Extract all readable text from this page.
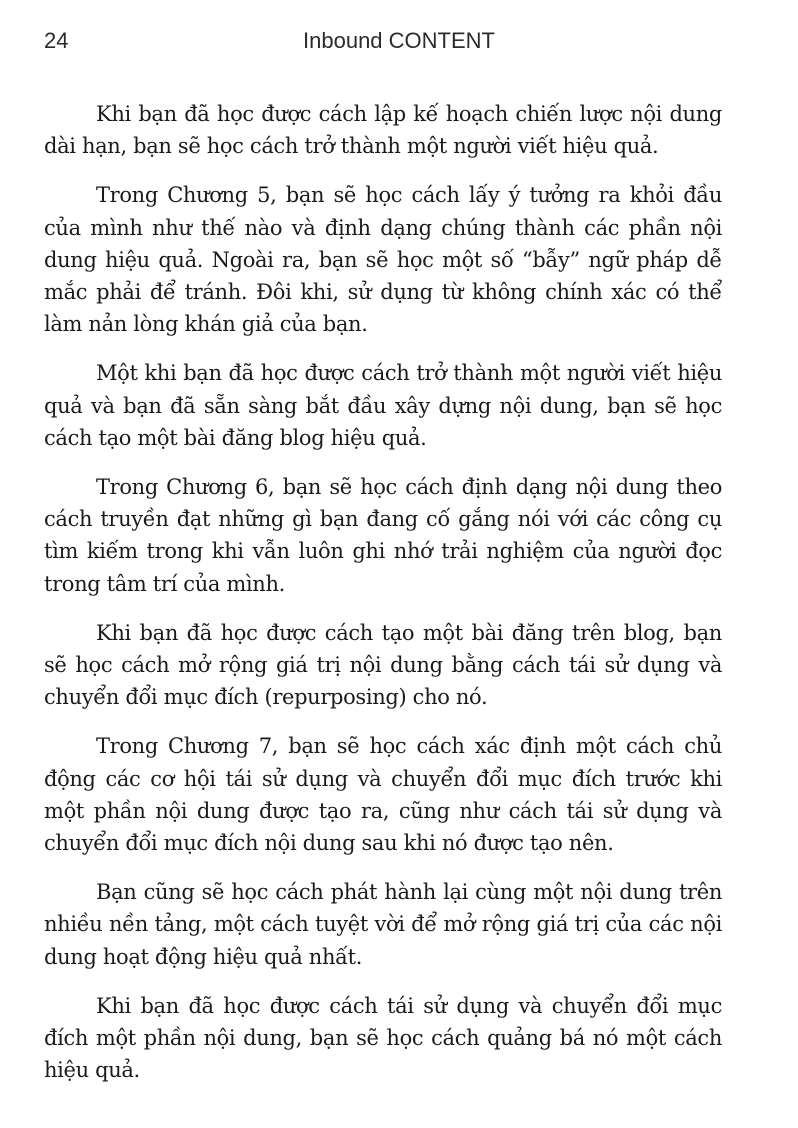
24	Inbound CONTENT

Khi bạn đã học được cách lập kế hoạch chiến lược nội dung dài hạn, bạn sẽ học cách trở thành một người viết hiệu quả.

Trong Chương 5, bạn sẽ học cách lấy ý tưởng ra khỏi đầu của mình như thế nào và định dạng chúng thành các phần nội dung hiệu quả. Ngoài ra, bạn sẽ học một số “bẫy” ngữ pháp dễ mắc phải để tránh. Đôi khi, sử dụng từ không chính xác có thể làm nản lòng khán giả của bạn.

Một khi bạn đã học được cách trở thành một người viết hiệu quả và bạn đã sẵn sàng bắt đầu xây dựng nội dung, bạn sẽ học cách tạo một bài đăng blog hiệu quả.

Trong Chương 6, bạn sẽ học cách định dạng nội dung theo cách truyền đạt những gì bạn đang cố gắng nói với các công cụ tìm kiếm trong khi vẫn luôn ghi nhớ trải nghiệm của người đọc trong tâm trí của mình.

Khi bạn đã học được cách tạo một bài đăng trên blog, bạn sẽ học cách mở rộng giá trị nội dung bằng cách tái sử dụng và chuyển đổi mục đích (repurposing) cho nó.

Trong Chương 7, bạn sẽ học cách xác định một cách chủ động các cơ hội tái sử dụng và chuyển đổi mục đích trước khi một phần nội dung được tạo ra, cũng như cách tái sử dụng và chuyển đổi mục đích nội dung sau khi nó được tạo nên.

Bạn cũng sẽ học cách phát hành lại cùng một nội dung trên nhiều nền tảng, một cách tuyệt vời để mở rộng giá trị của các nội dung hoạt động hiệu quả nhất.

Khi bạn đã học được cách tái sử dụng và chuyển đổi mục đích một phần nội dung, bạn sẽ học cách quảng bá nó một cách hiệu quả.
